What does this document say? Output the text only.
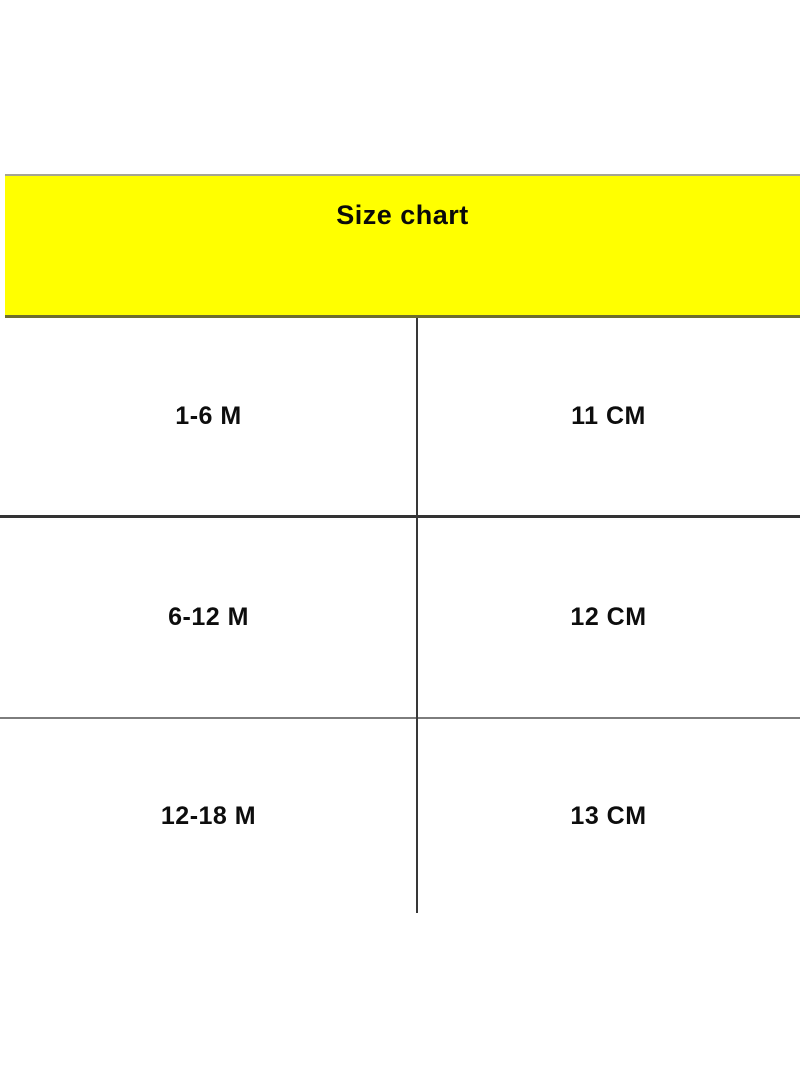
Size chart
1-6 M	11 CM
6-12 M	12 CM
12-18 M	13 CM
